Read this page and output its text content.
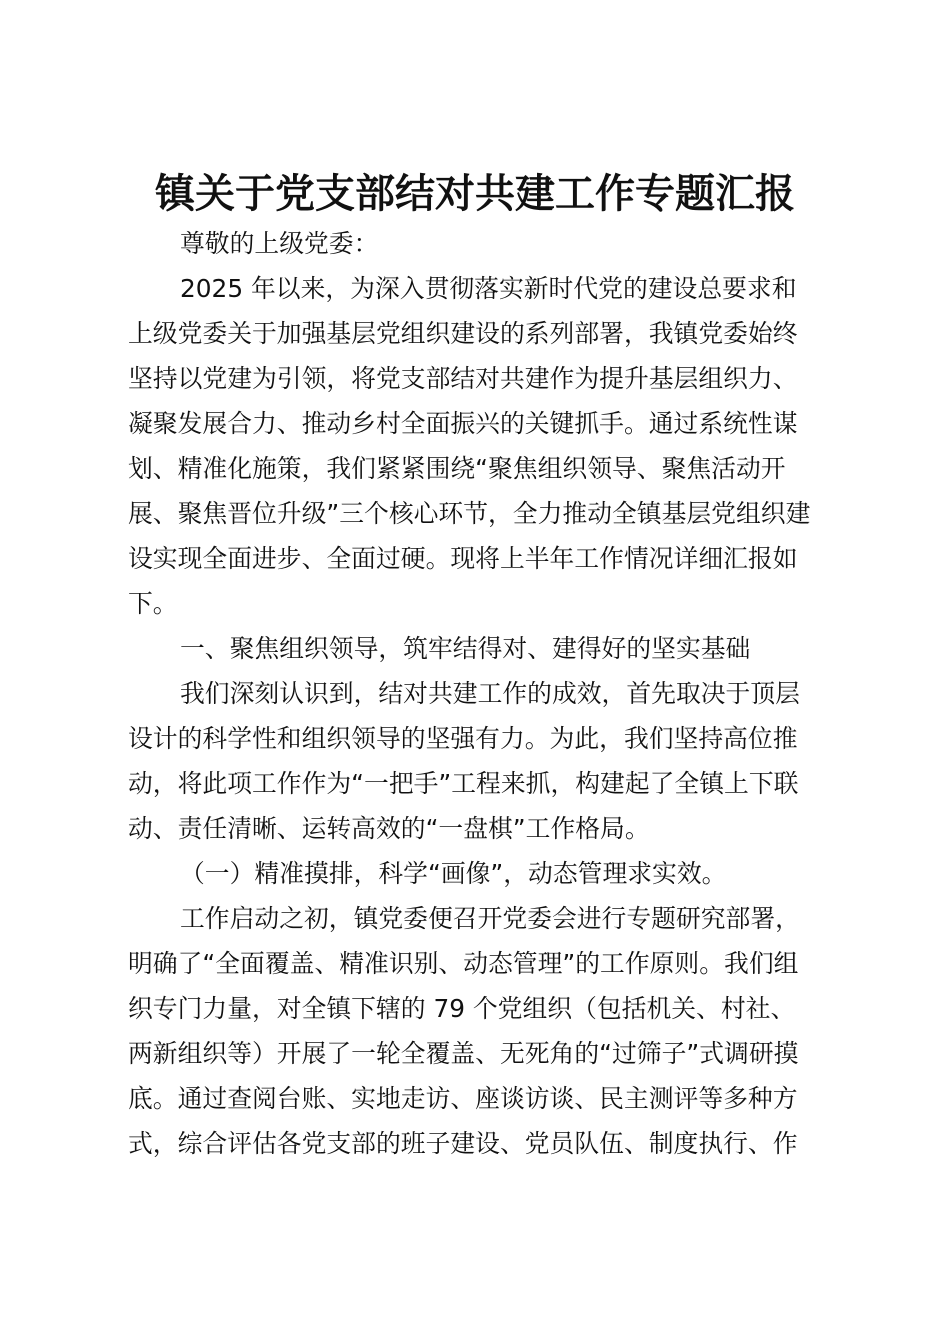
镇关于党支部结对共建工作专题汇报

尊敬的上级党委：

2025 年以来，为深入贯彻落实新时代党的建设总要求和

上级党委关于加强基层党组织建设的系列部署，我镇党委始终

坚持以党建为引领，将党支部结对共建作为提升基层组织力、

凝聚发展合力、推动乡村全面振兴的关键抓手。通过系统性谋

划、精准化施策，我们紧紧围绕“聚焦组织领导、聚焦活动开

展、聚焦晋位升级”三个核心环节，全力推动全镇基层党组织建

设实现全面进步、全面过硬。现将上半年工作情况详细汇报如

下。

一、聚焦组织领导，筑牢结得对、建得好的坚实基础

我们深刻认识到，结对共建工作的成效，首先取决于顶层

设计的科学性和组织领导的坚强有力。为此，我们坚持高位推

动，将此项工作作为“一把手”工程来抓，构建起了全镇上下联

动、责任清晰、运转高效的“一盘棋”工作格局。

（一）精准摸排，科学“画像”，动态管理求实效。

工作启动之初，镇党委便召开党委会进行专题研究部署，

明确了“全面覆盖、精准识别、动态管理”的工作原则。我们组

织专门力量，对全镇下辖的 79 个党组织（包括机关、村社、

两新组织等）开展了一轮全覆盖、无死角的“过筛子”式调研摸

底。通过查阅台账、实地走访、座谈访谈、民主测评等多种方

式，综合评估各党支部的班子建设、党员队伍、制度执行、作
